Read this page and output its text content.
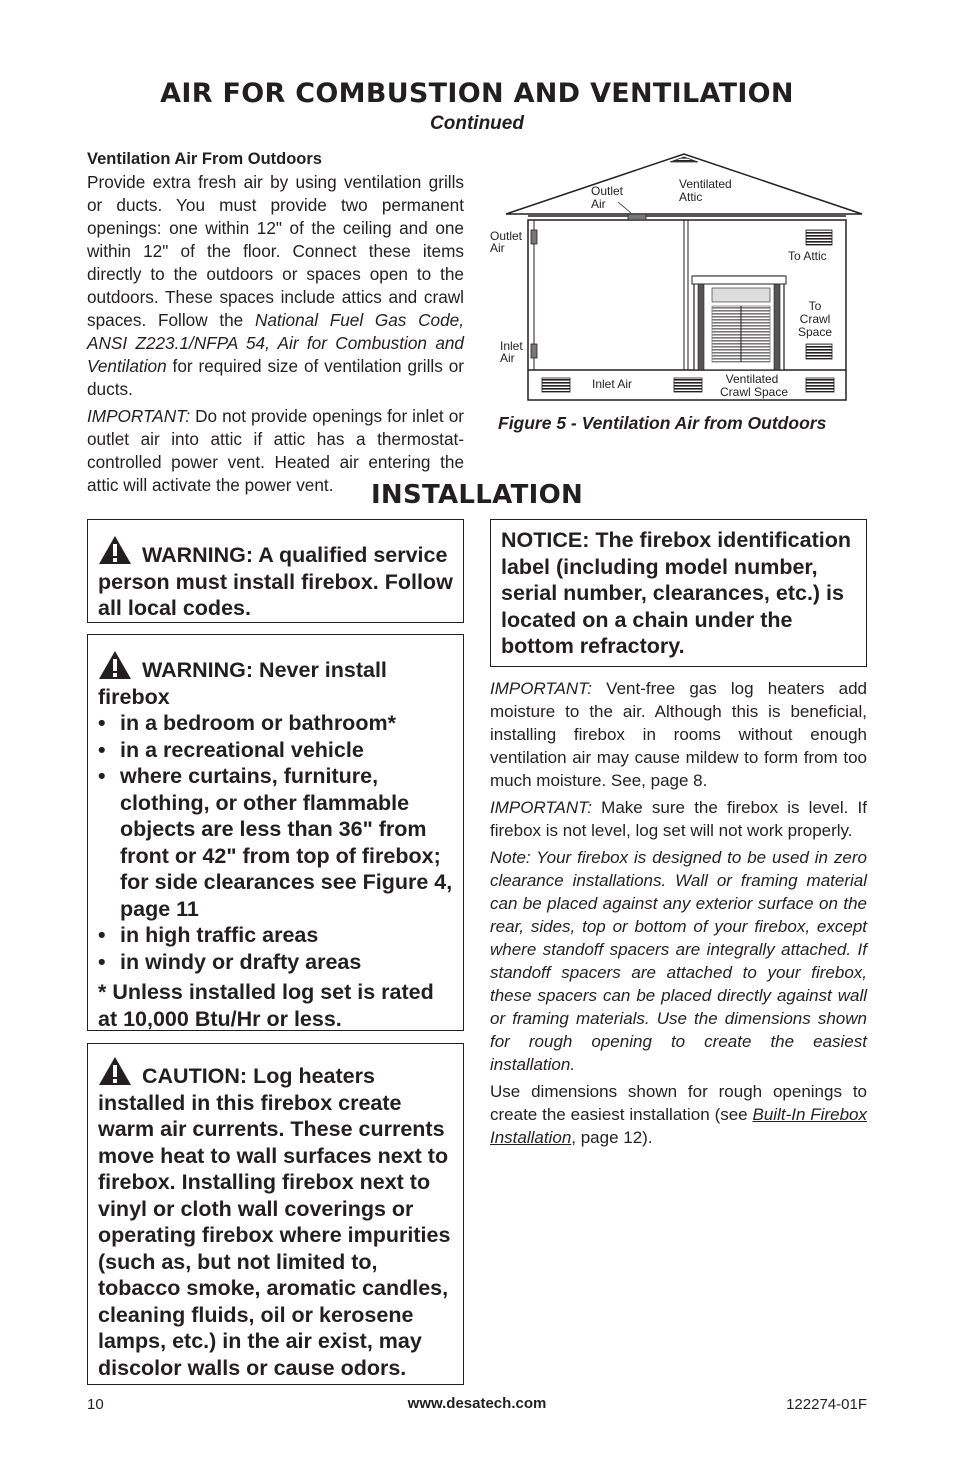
AIR FOR COMBUSTION AND VENTILATION
Continued
Ventilation Air From Outdoors

Provide extra fresh air by using ventilation grills or ducts. You must provide two permanent openings: one within 12" of the ceiling and one within 12" of the floor. Connect these items directly to the outdoors or spaces open to the outdoors. These spaces include attics and crawl spaces. Follow the National Fuel Gas Code, ANSI Z223.1/NFPA 54, Air for Combustion and Ventilation for required size of ventilation grills or ducts.

IMPORTANT: Do not provide openings for inlet or outlet air into attic if attic has a thermostat-controlled power vent. Heated air entering the attic will activate the power vent.

Outlet Air
Ventilated Attic
Outlet Air
To Attic
To Crawl Space
Inlet Air
Inlet Air	Ventilated Crawl Space
Figure 5 - Ventilation Air from Outdoors
INSTALLATION

WARNING: A qualified service person must install firebox. Follow all local codes.

WARNING: Never install firebox

• in a bedroom or bathroom*
• in a recreational vehicle
• where curtains, furniture, clothing, or other flammable objects are less than 36" from front or 42" from top of firebox; for side clearances see Figure 4, page 11
• in high traffic areas
• in windy or drafty areas

* Unless installed log set is rated at 10,000 Btu/Hr or less.

CAUTION: Log heaters installed in this firebox create warm air currents. These currents move heat to wall surfaces next to firebox. Installing firebox next to vinyl or cloth wall coverings or operating firebox where impurities (such as, but not limited to, tobacco smoke, aromatic candles, cleaning fluids, oil or kerosene lamps, etc.) in the air exist, may discolor walls or cause odors.

NOTICE: The firebox identification label (including model number, serial number, clearances, etc.) is located on a chain under the bottom refractory.

IMPORTANT: Vent-free gas log heaters add moisture to the air. Although this is beneficial, installing firebox in rooms without enough ventilation air may cause mildew to form from too much moisture. See, page 8.

IMPORTANT: Make sure the firebox is level. If firebox is not level, log set will not work properly.

Note: Your firebox is designed to be used in zero clearance installations. Wall or framing material can be placed against any exterior surface on the rear, sides, top or bottom of your firebox, except where standoff spacers are integrally attached. If standoff spacers are attached to your firebox, these spacers can be placed directly against wall or framing materials. Use the dimensions shown for rough opening to create the easiest installation.

Use dimensions shown for rough openings to create the easiest installation (see Built-In Firebox Installation, page 12).

10	www.desatech.com	122274-01F
